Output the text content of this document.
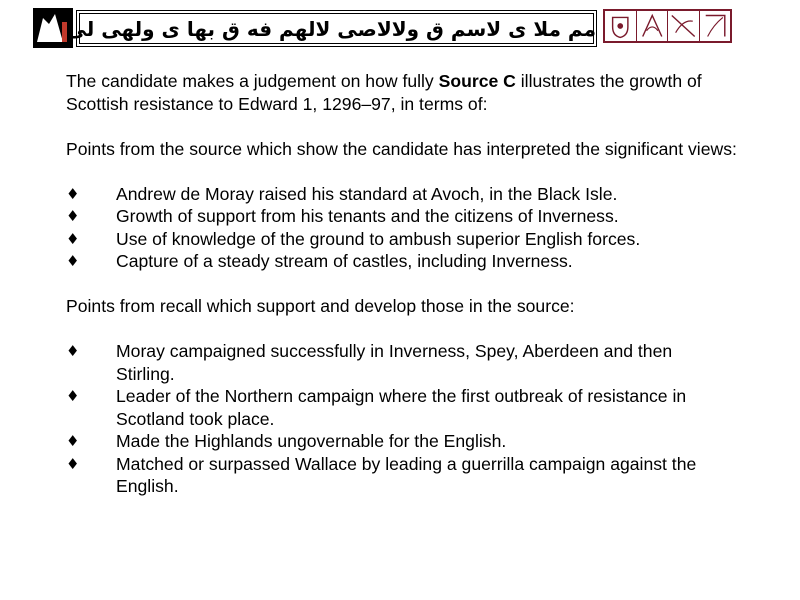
مم ملا ى لاسم ق ولالاصى لالهم فه ق بها ى ولهى لى

The candidate makes a judgement on how fully Source C illustrates the growth of Scottish resistance to Edward 1, 1296–97, in terms of:

Points from the source which show the candidate has interpreted the significant views:

♦ Andrew de Moray raised his standard at Avoch, in the Black Isle.
♦ Growth of support from his tenants and the citizens of Inverness.
♦ Use of knowledge of the ground to ambush superior English forces.
♦ Capture of a steady stream of castles, including Inverness.

Points from recall which support and develop those in the source:

♦ Moray campaigned successfully in Inverness, Spey, Aberdeen and then Stirling.
♦ Leader of the Northern campaign where the first outbreak of resistance in Scotland took place.
♦ Made the Highlands ungovernable for the English.
♦ Matched or surpassed Wallace by leading a guerrilla campaign against the English.
